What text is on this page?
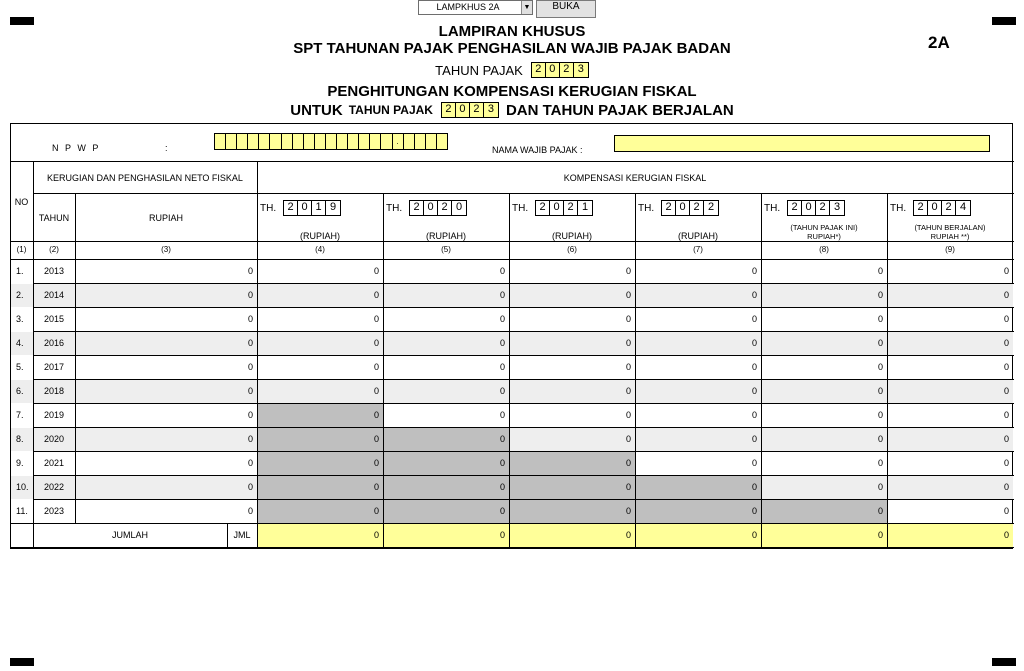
LAMPKHUS 2A	▼	BUKA
2A
LAMPIRAN KHUSUS
SPT TAHUNAN PAJAK PENGHASILAN WAJIB PAJAK BADAN
TAHUN PAJAK	2 0 2 3
PENGHITUNGAN KOMPENSASI KERUGIAN FISKAL
UNTUK TAHUN PAJAK	2 0 2 3 DAN TAHUN PAJAK BERJALAN
N P W P	:
.
NAMA WAJIB PAJAK :
NO
KERUGIAN DAN PENGHASILAN NETO FISKAL	KOMPENSASI KERUGIAN FISKAL
TAHUN	RUPIAH
TH.	2 0 1 9
(RUPIAH)
(4)
TH.	2 0 2 0
(RUPIAH)
(5)
TH.	2 0 2 1
(RUPIAH)
(6)
TH.	2 0 2 2
(RUPIAH)
(7)
TH.	2 0 2 3
(TAHUN PAJAK INI)
RUPIAH*)
(8)
TH.	2 0 2 4
(TAHUN BERJALAN)
RUPIAH **)
(9)
(1)	(2)	(3)
1.	2013	0	0	0	0	0	0	0
2.	2014	0	0	0	0	0	0	0
3.	2015	0	0	0	0	0	0	0
4.	2016	0	0	0	0	0	0	0
5.	2017	0	0	0	0	0	0	0
6.	2018	0	0	0	0	0	0	0
7.	2019	0	0	0	0	0	0	0
8.	2020	0	0	0	0	0	0	0
9.	2021	0	0	0	0	0	0	0
10.	2022	0	0	0	0	0	0	0
11.	2023	0	0	0	0	0	0	0
JUMLAH	JML	0	0	0	0	0	0
